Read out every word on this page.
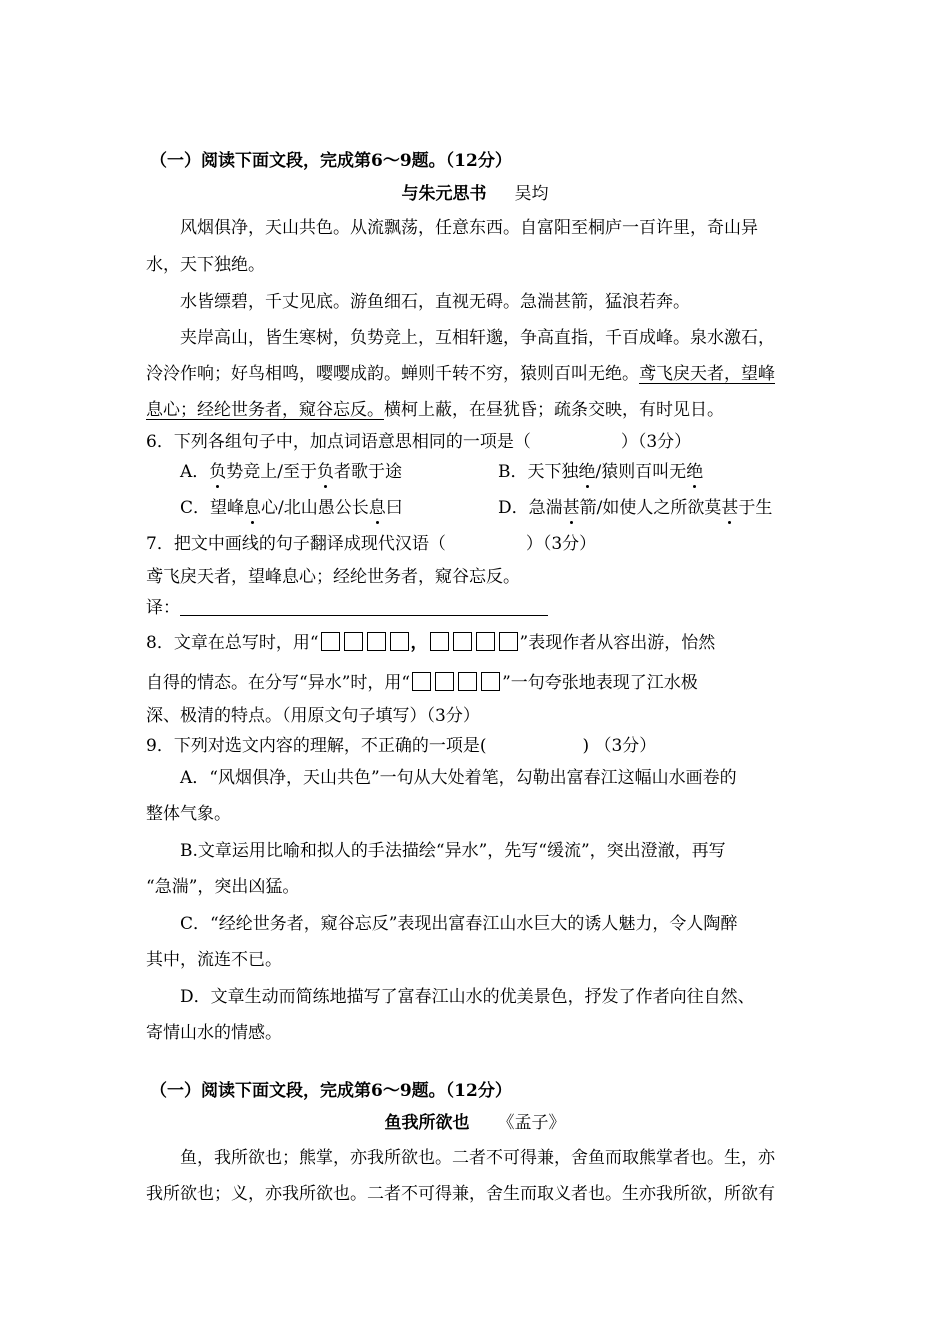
（一）阅读下面文段，完成第6～9题。（12分）
与朱元思书 吴均
风烟俱净，天山共色。从流飘荡，任意东西。自富阳至桐庐一百许里，奇山异
水，天下独绝。
水皆缥碧，千丈见底。游鱼细石，直视无碍。急湍甚箭，猛浪若奔。
夹岸高山，皆生寒树，负势竞上，互相轩邈，争高直指，千百成峰。泉水激石，
泠泠作响；好鸟相鸣，嘤嘤成韵。蝉则千转不穷，猿则百叫无绝。鸢飞戾天者，望峰
息心；经纶世务者，窥谷忘反。横柯上蔽，在昼犹昏；疏条交映，有时见日。
6．下列各组句子中，加点词语意思相同的一项是（	）（3分）
A．负势竞上/至于负者歌于途	B．天下独绝/猿则百叫无绝
C．望峰息心/北山愚公长息曰	D．急湍甚箭/如使人之所欲莫甚于生
7．把文中画线的句子翻译成现代汉语（	）（3分）
鸢飞戾天者，望峰息心；经纶世务者，窥谷忘反。
译：
8．文章在总写时，用“	，	”表现作者从容出游，怡然
自得的情态。在分写“异水”时，用“	”一句夸张地表现了江水极
深、极清的特点。（用原文句子填写）（3分）
9．下列对选文内容的理解，不正确的一项是(	) （3分）
A．“风烟俱净，天山共色”一句从大处着笔，勾勒出富春江这幅山水画卷的
整体气象。
B.文章运用比喻和拟人的手法描绘“异水”，先写“缓流”，突出澄澈，再写
“急湍”，突出凶猛。
C．“经纶世务者，窥谷忘反”表现出富春江山水巨大的诱人魅力，令人陶醉
其中，流连不已。
D．文章生动而简练地描写了富春江山水的优美景色，抒发了作者向往自然、
寄情山水的情感。
（一）阅读下面文段，完成第6～9题。（12分）
鱼我所欲也 《孟子》
鱼，我所欲也；熊掌，亦我所欲也。二者不可得兼，舍鱼而取熊掌者也。生，亦
我所欲也；义，亦我所欲也。二者不可得兼，舍生而取义者也。生亦我所欲，所欲有
